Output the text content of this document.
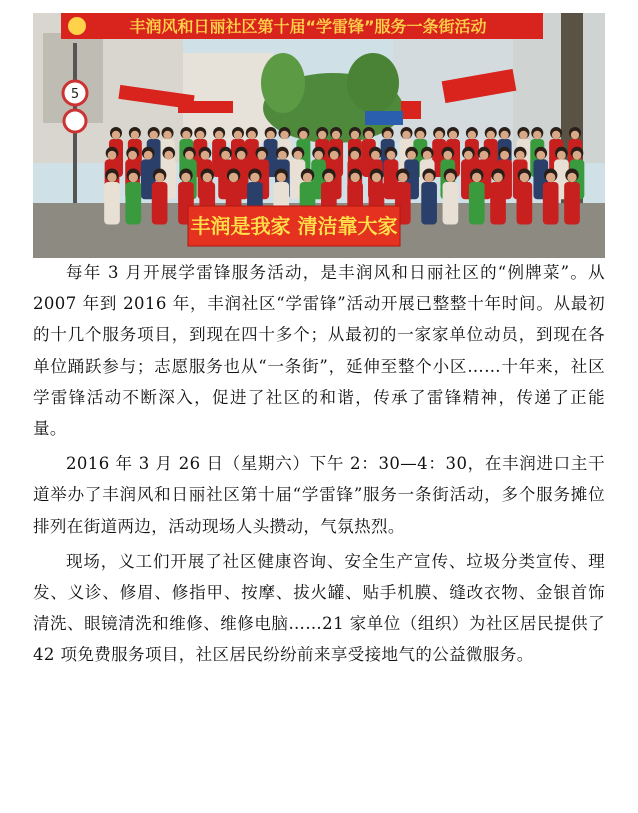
5
丰润风和日丽社区第十届“学雷锋”服务一条街活动
丰润是我家 清洁靠大家

每年 3 月开展学雷锋服务活动，是丰润风和日丽社区的“例牌菜”。从 2007 年到 2016 年，丰润社区“学雷锋”活动开展已整整十年时间。从最初的十几个服务项目，到现在四十多个；从最初的一家家单位动员，到现在各单位踊跃参与；志愿服务也从“一条街”，延伸至整个小区……十年来，社区学雷锋活动不断深入，促进了社区的和谐，传承了雷锋精神，传递了正能量。

2016 年 3 月 26 日（星期六）下午 2：30—4：30，在丰润进口主干道举办了丰润风和日丽社区第十届“学雷锋”服务一条街活动，多个服务摊位排列在街道两边，活动现场人头攒动，气氛热烈。

现场，义工们开展了社区健康咨询、安全生产宣传、垃圾分类宣传、理发、义诊、修眉、修指甲、按摩、拔火罐、贴手机膜、缝改衣物、金银首饰清洗、眼镜清洗和维修、维修电脑……21 家单位（组织）为社区居民提供了 42 项免费服务项目，社区居民纷纷前来享受接地气的公益微服务。
